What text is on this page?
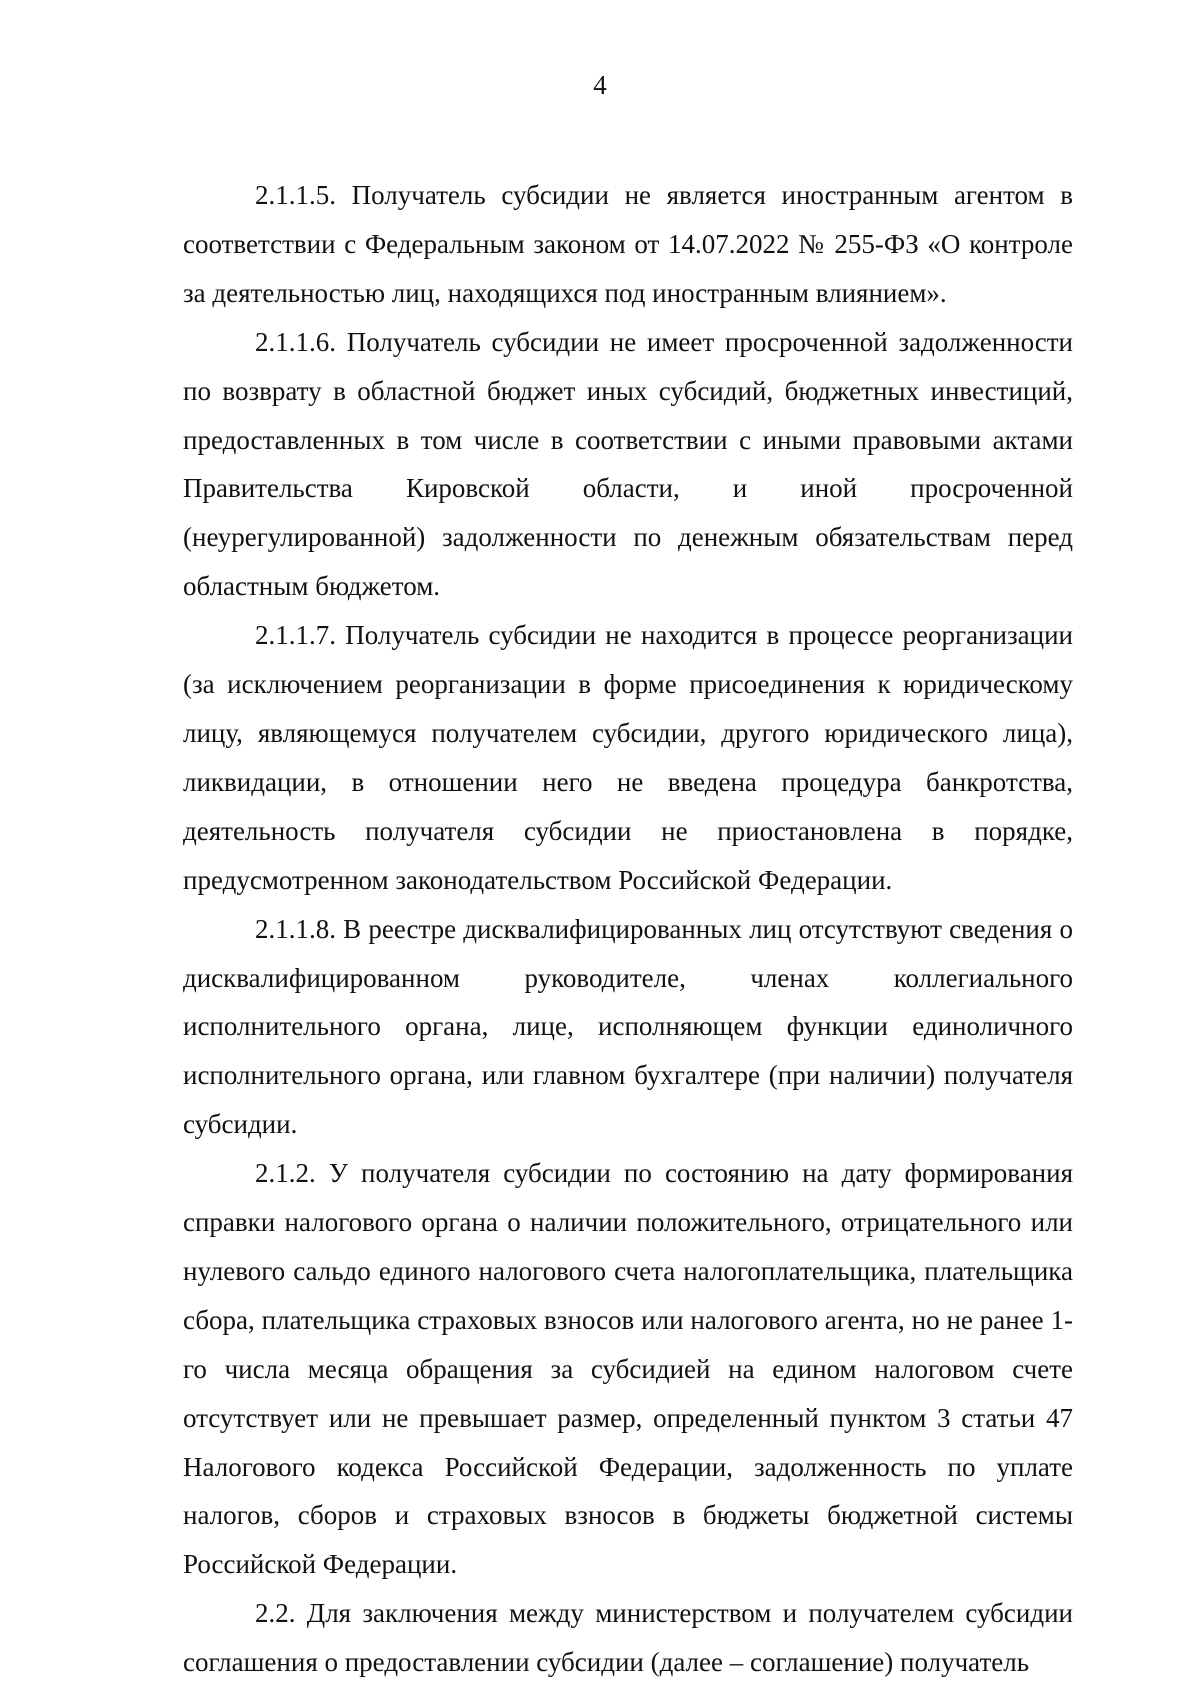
4

2.1.1.5. Получатель субсидии не является иностранным агентом в соответствии с Федеральным законом от 14.07.2022 № 255-ФЗ «О контроле за деятельностью лиц, находящихся под иностранным влиянием».

2.1.1.6. Получатель субсидии не имеет просроченной задолженности по возврату в областной бюджет иных субсидий, бюджетных инвестиций, предоставленных в том числе в соответствии с иными правовыми актами Правительства Кировской области, и иной просроченной (неурегулированной) задолженности по денежным обязательствам перед областным бюджетом.

2.1.1.7. Получатель субсидии не находится в процессе реорганизации (за исключением реорганизации в форме присоединения к юридическому лицу, являющемуся получателем субсидии, другого юридического лица), ликвидации, в отношении него не введена процедура банкротства, деятельность получателя субсидии не приостановлена в порядке, предусмотренном законодательством Российской Федерации.

2.1.1.8. В реестре дисквалифицированных лиц отсутствуют сведения о дисквалифицированном руководителе, членах коллегиального исполнительного органа, лице, исполняющем функции единоличного исполнительного органа, или главном бухгалтере (при наличии) получателя субсидии.

2.1.2. У получателя субсидии по состоянию на дату формирования справки налогового органа о наличии положительного, отрицательного или нулевого сальдо единого налогового счета налогоплательщика, плательщика сбора, плательщика страховых взносов или налогового агента, но не ранее 1-го числа месяца обращения за субсидией на едином налоговом счете отсутствует или не превышает размер, определенный пунктом 3 статьи 47 Налогового кодекса Российской Федерации, задолженность по уплате налогов, сборов и страховых взносов в бюджеты бюджетной системы Российской Федерации.

2.2. Для заключения между министерством и получателем субсидии соглашения о предоставлении субсидии (далее – соглашение) получатель
